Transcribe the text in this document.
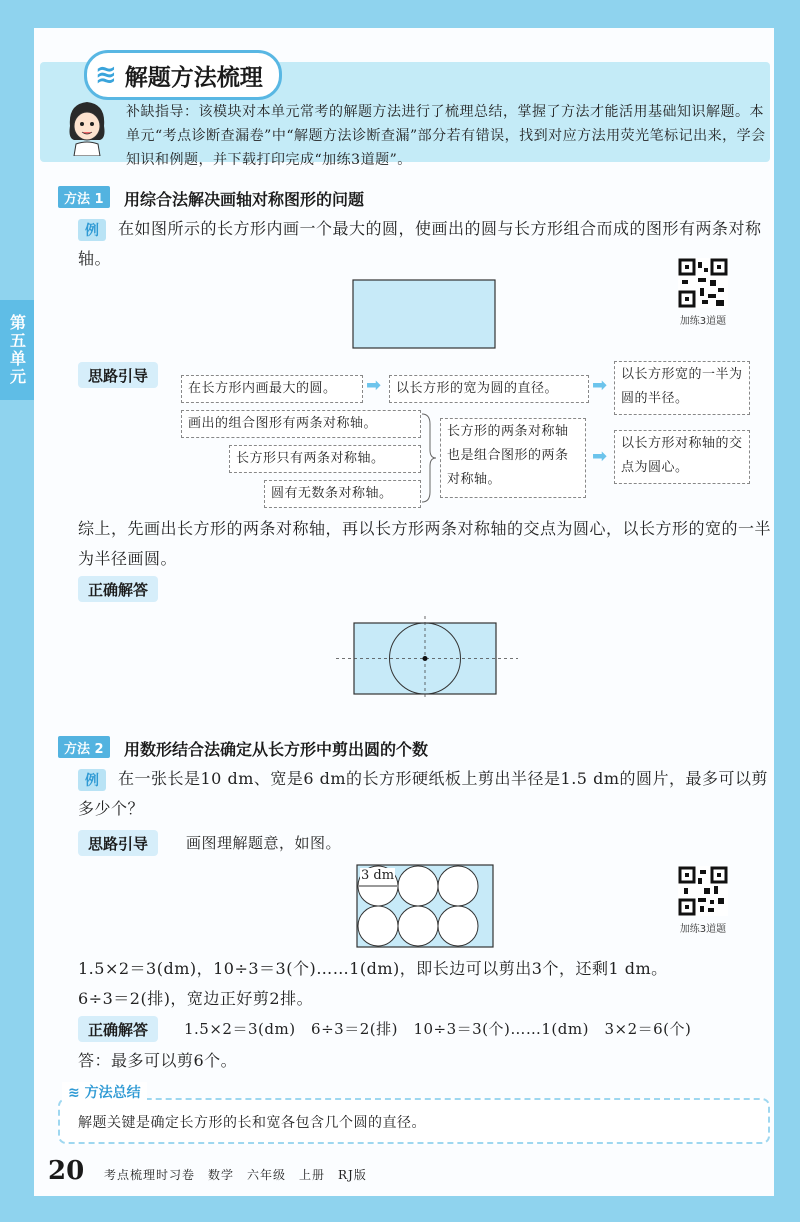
第五单元
≋ 解题方法梳理
补缺指导：该模块对本单元常考的解题方法进行了梳理总结，掌握了方法才能活用基础知识解题。本单元“考点诊断查漏卷”中“解题方法诊断查漏”部分若有错误，找到对应方法用荧光笔标记出来，学会知识和例题，并下载打印完成“加练3道题”。
方法 1	用综合法解决画轴对称图形的问题
例	在如图所示的长方形内画一个最大的圆，使画出的圆与长方形组合而成的图形有两条对称轴。
加练3道题
思路引导
在长方形内画最大的圆。	➡	以长方形的宽为圆的直径。	➡
以长方形宽的一半为圆的半径。
画出的组合图形有两条对称轴。
长方形只有两条对称轴。
圆有无数条对称轴。
长方形的两条对称轴也是组合图形的两条对称轴。
➡
以长方形对称轴的交点为圆心。
综上，先画出长方形的两条对称轴，再以长方形两条对称轴的交点为圆心，以长方形的宽的一半为半径画圆。
正确解答
方法 2	用数形结合法确定从长方形中剪出圆的个数
例	在一张长是10 dm、宽是6 dm的长方形硬纸板上剪出半径是1.5 dm的圆片，最多可以剪多少个？
思路引导	画图理解题意，如图。
3 dm
加练3道题
1.5×2＝3(dm)，10÷3＝3(个)……1(dm)，即长边可以剪出3个，还剩1 dm。
6÷3＝2(排)，宽边正好剪2排。
正确解答	1.5×2＝3(dm)　6÷3＝2(排)　10÷3＝3(个)……1(dm)　3×2＝6(个)
答：最多可以剪6个。
≋ 方法总结
解题关键是确定长方形的长和宽各包含几个圆的直径。
20 考点梳理时习卷　数学　六年级　上册　RJ版
